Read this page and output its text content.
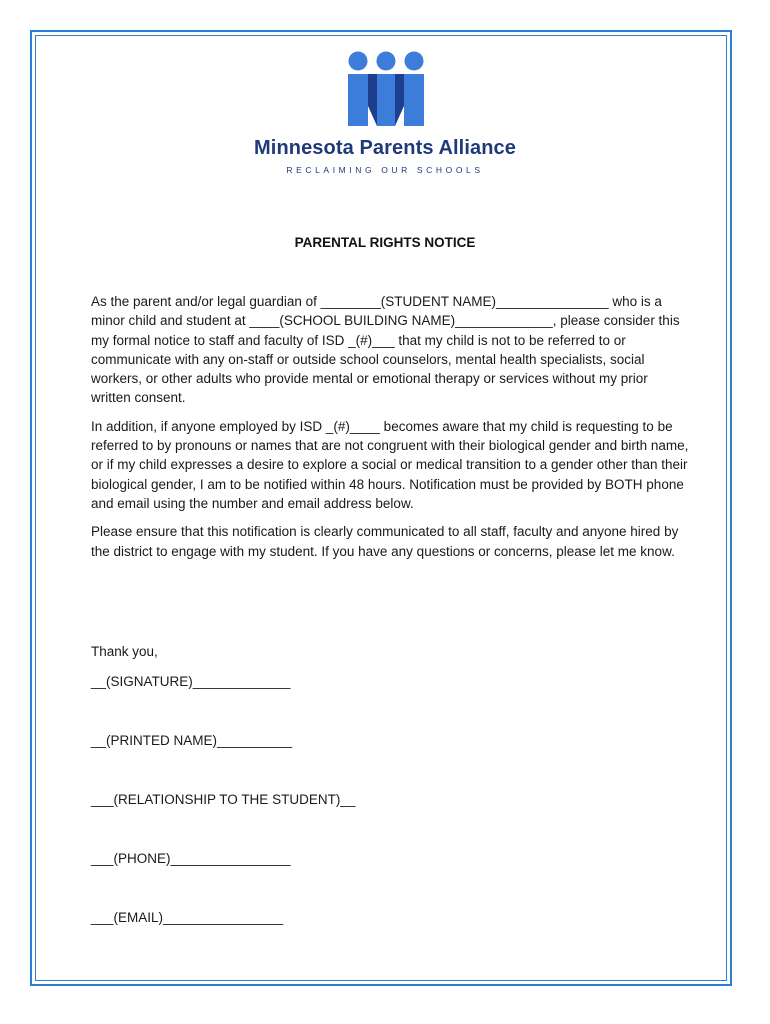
Minnesota Parents Alliance
RECLAIMING OUR SCHOOLS
PARENTAL RIGHTS NOTICE

As the parent and/or legal guardian of ________(STUDENT NAME)_______________ who is a minor child and student at ____(SCHOOL BUILDING NAME)_____________, please consider this my formal notice to staff and faculty of ISD _(#)___ that my child is not to be referred to or communicate with any on-staff or outside school counselors, mental health specialists, social workers, or other adults who provide mental or emotional therapy or services without my prior written consent.

In addition, if anyone employed by ISD _(#)____ becomes aware that my child is requesting to be referred to by pronouns or names that are not congruent with their biological gender and birth name, or if my child expresses a desire to explore a social or medical transition to a gender other than their biological gender, I am to be notified within 48 hours. Notification must be provided by BOTH phone and email using the number and email address below.

Please ensure that this notification is clearly communicated to all staff, faculty and anyone hired by the district to engage with my student. If you have any questions or concerns, please let me know.

Thank you,
__(SIGNATURE)_____________
__(PRINTED NAME)__________
___(RELATIONSHIP TO THE STUDENT)__
___(PHONE)________________
___(EMAIL)________________
